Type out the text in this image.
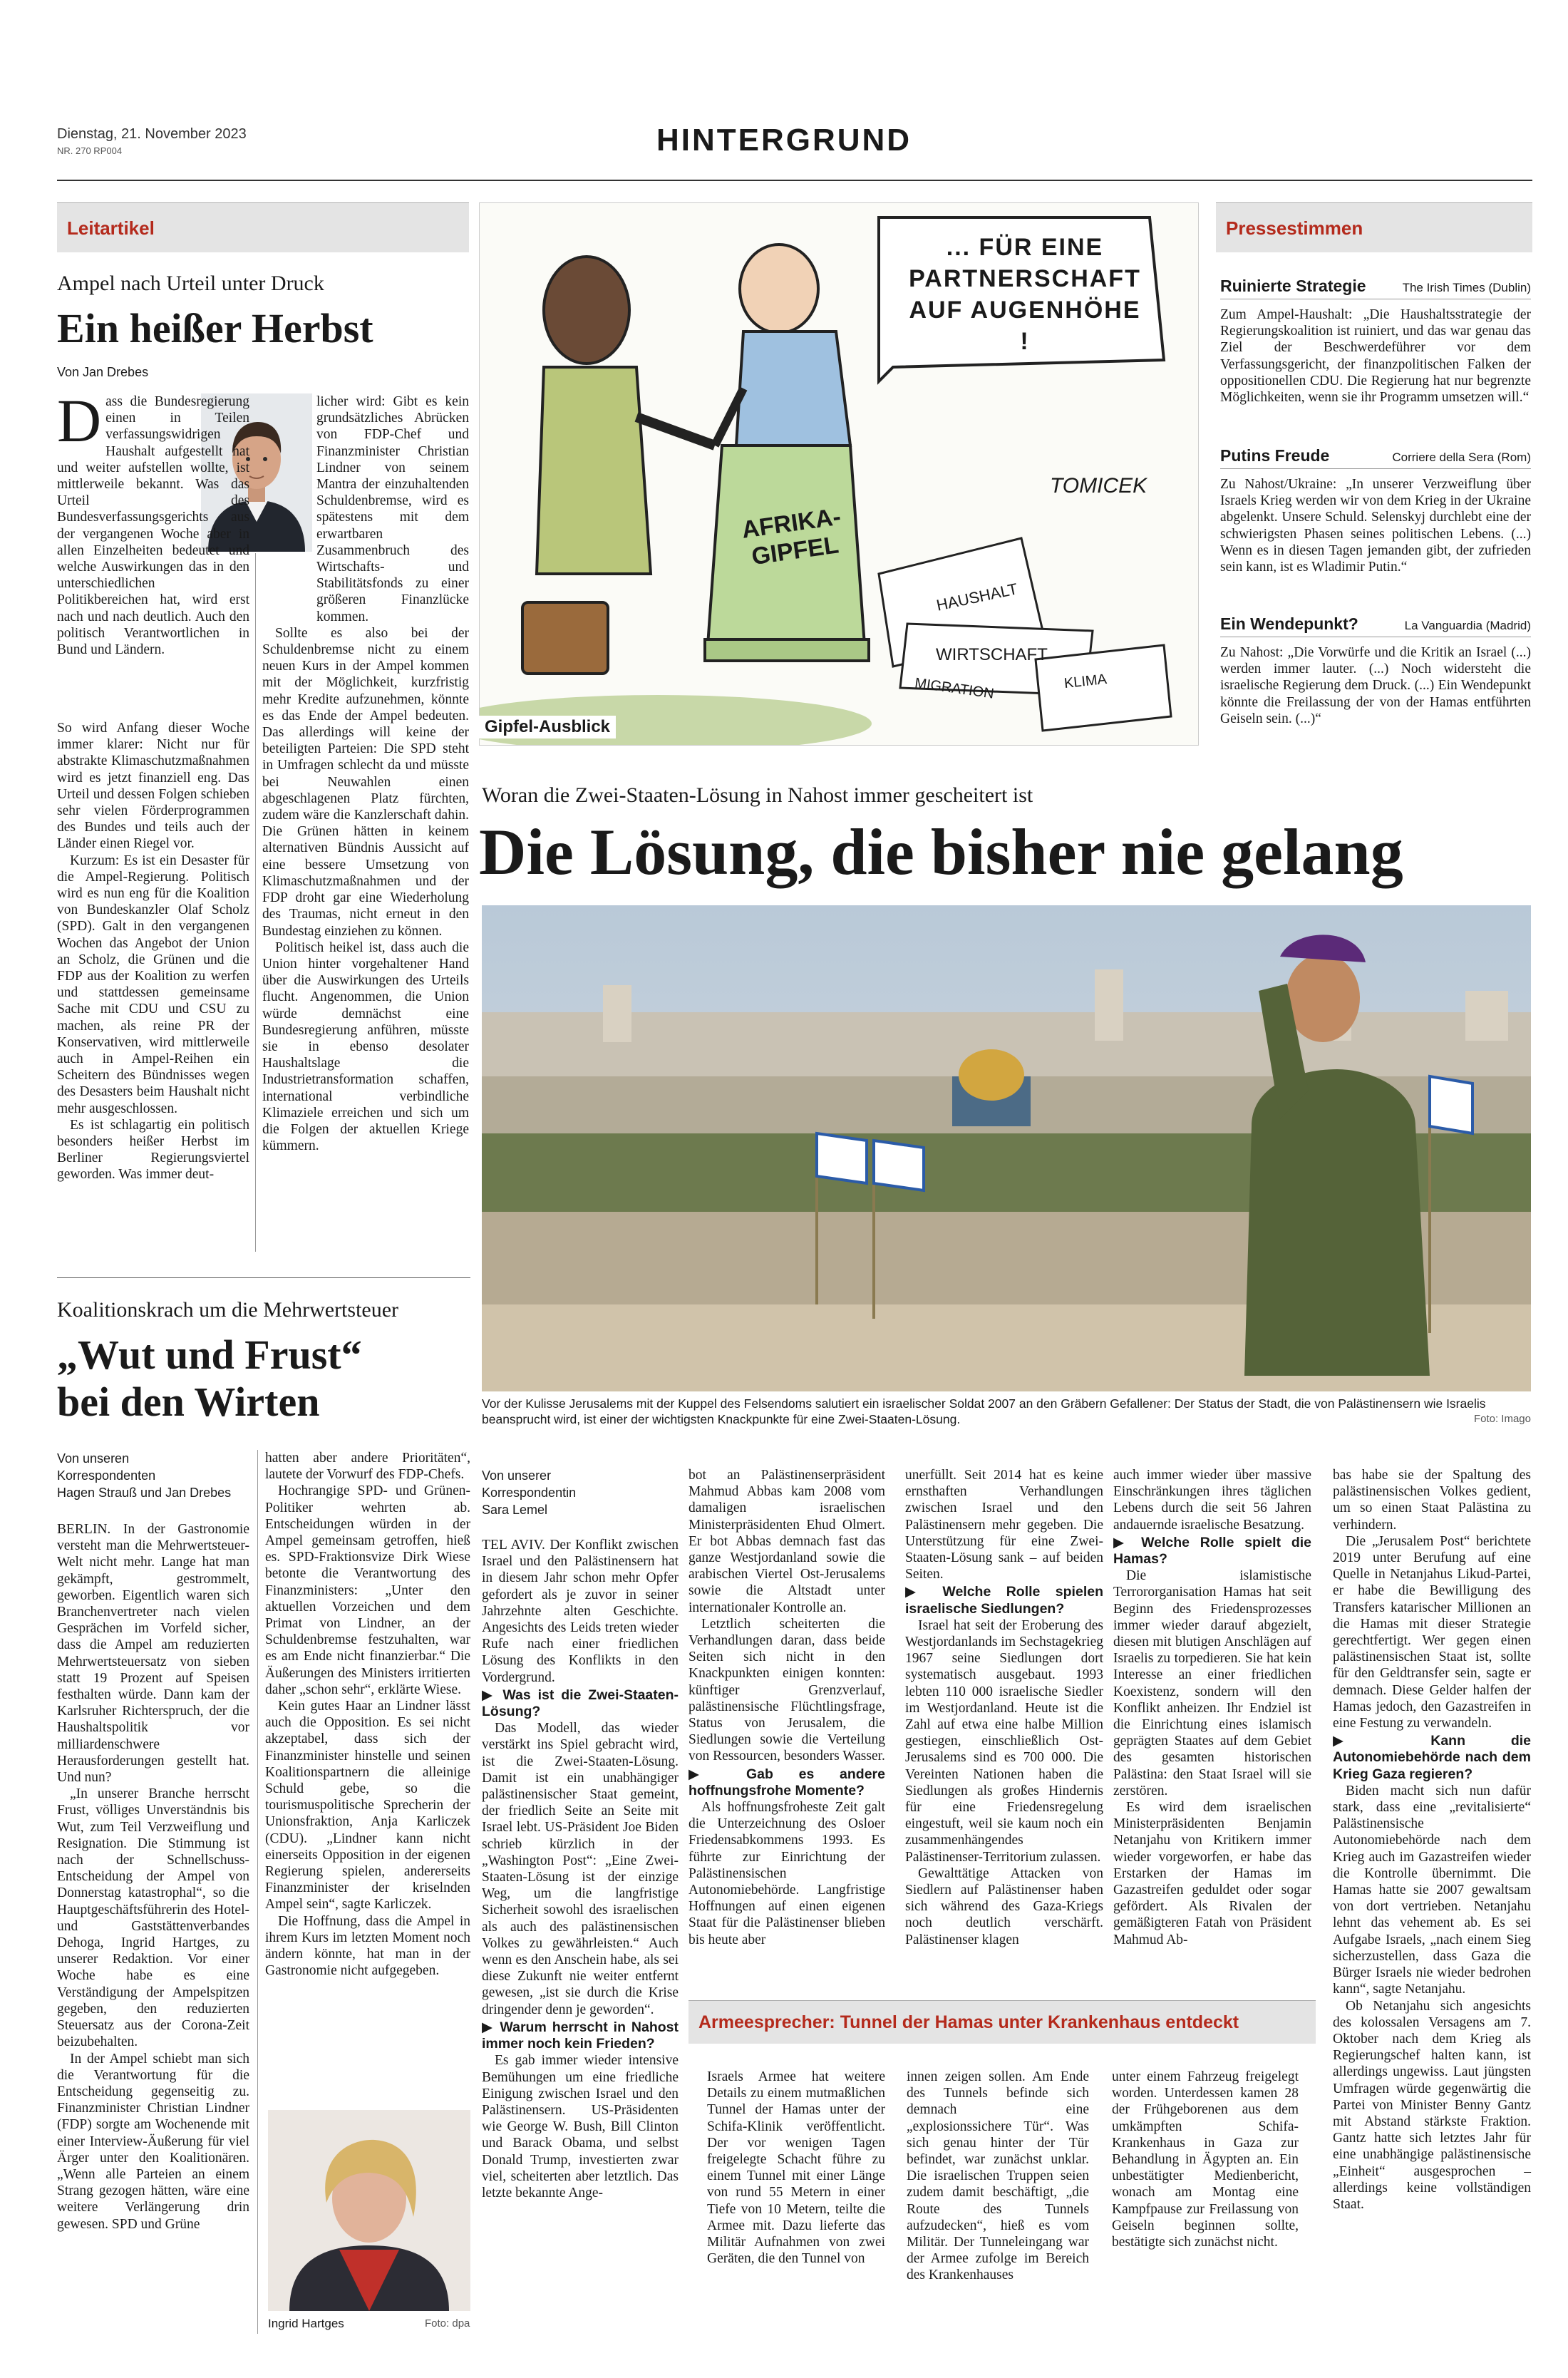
Dienstag, 21. November 2023
NR. 270 RP004	HINTERGRUND
Leitartikel
Ampel nach Urteil unter Druck
Ein heißer Herbst
Von Jan Drebes

Dass die Bundesregierung einen in Teilen verfassungswidrigen Haushalt aufgestellt hat und weiter aufstellen wollte, ist mittlerweile bekannt. Was das Urteil des Bundesverfassungsgerichts aus der vergangenen Woche aber in allen Einzelheiten bedeutet und welche Auswirkungen das in den unterschiedlichen Politikbereichen hat, wird erst nach und nach deutlich. Auch den politisch Verantwortlichen in Bund und Ländern.

So wird Anfang dieser Woche immer klarer: Nicht nur für abstrakte Klimaschutzmaßnahmen wird es jetzt finanziell eng. Das Urteil und dessen Folgen schieben sehr vielen Förderprogrammen des Bundes und teils auch der Länder einen Riegel vor.

Kurzum: Es ist ein Desaster für die Ampel-Regierung. Politisch wird es nun eng für die Koalition von Bundeskanzler Olaf Scholz (SPD). Galt in den vergangenen Wochen das Angebot der Union an Scholz, die Grünen und die FDP aus der Koalition zu werfen und stattdessen gemeinsame Sache mit CDU und CSU zu machen, als reine PR der Konservativen, wird mittlerweile auch in Ampel-Reihen ein Scheitern des Bündnisses wegen des Desasters beim Haushalt nicht mehr ausgeschlossen.

Es ist schlagartig ein politisch besonders heißer Herbst im Berliner Regierungsviertel geworden. Was immer deut-

licher wird: Gibt es kein grundsätzliches Abrücken von FDP-Chef und Finanzminister Christian Lindner von seinem Mantra der einzuhaltenden Schuldenbremse, wird es spätestens mit dem erwartbaren Zusammenbruch des Wirtschafts- und Stabilitätsfonds zu einer größeren Finanzlücke kommen.

Sollte es also bei der Schuldenbremse nicht zu einem neuen Kurs in der Ampel kommen mit der Möglichkeit, kurzfristig mehr Kredite aufzunehmen, könnte es das Ende der Ampel bedeuten. Das allerdings will keine der beteiligten Parteien: Die SPD steht in Umfragen schlecht da und müsste bei Neuwahlen einen abgeschlagenen Platz fürchten, zudem wäre die Kanzlerschaft dahin. Die Grünen hätten in keinem alternativen Bündnis Aussicht auf eine bessere Umsetzung von Klimaschutzmaßnahmen und der FDP droht gar eine Wiederholung des Traumas, nicht erneut in den Bundestag einziehen zu können.

Politisch heikel ist, dass auch die Union hinter vorgehaltener Hand über die Auswirkungen des Urteils flucht. Angenommen, die Union würde demnächst eine Bundesregierung anführen, müsste sie in ebenso desolater Haushaltslage die Industrietransformation schaffen, international verbindliche Klimaziele erreichen und sich um die Folgen der aktuellen Kriege kümmern.

... FÜR EINE PARTNERSCHAFT AUF AUGENHÖHE !
AFRIKA-GIPFEL
HAUSHALT
WIRTSCHAFT
KLIMA
MIGRATION
TOMICEK
Gipfel-Ausblick
Pressestimmen
Ruinierte Strategie	The Irish Times (Dublin)
Zum Ampel-Haushalt: „Die Haushaltsstrategie der Regierungskoalition ist ruiniert, und das war genau das Ziel der Beschwerdeführer vor dem Verfassungsgericht, der finanzpolitischen Falken der oppositionellen CDU. Die Regierung hat nur begrenzte Möglichkeiten, wenn sie ihr Programm umsetzen will.“
Putins Freude	Corriere della Sera (Rom)
Zu Nahost/Ukraine: „In unserer Verzweiflung über Israels Krieg werden wir von dem Krieg in der Ukraine abgelenkt. Unsere Schuld. Selenskyj durchlebt eine der schwierigsten Phasen seines politischen Lebens. (...) Wenn es in diesen Tagen jemanden gibt, der zufrieden sein kann, ist es Wladimir Putin.“
Ein Wendepunkt?	La Vanguardia (Madrid)
Zu Nahost: „Die Vorwürfe und die Kritik an Israel (...) werden immer lauter. (...) Noch widersteht die israelische Regierung dem Druck. (...) Ein Wendepunkt könnte die Freilassung der von der Hamas entführten Geiseln sein. (...)“
Woran die Zwei-Staaten-Lösung in Nahost immer gescheitert ist
Die Lösung, die bisher nie gelang
Vor der Kulisse Jerusalems mit der Kuppel des Felsendoms salutiert ein israelischer Soldat 2007 an den Gräbern Gefallener: Der Status der Stadt, die von Palästinensern wie Israelis beansprucht wird, ist einer der wichtigsten Knackpunkte für eine Zwei-Staaten-Lösung.	Foto: Imago
Von unserer
Korrespondentin
Sara Lemel

TEL AVIV. Der Konflikt zwischen Israel und den Palästinensern hat in diesem Jahr schon mehr Opfer gefordert als je zuvor in seiner Jahrzehnte alten Geschichte. Angesichts des Leids treten wieder Rufe nach einer friedlichen Lösung des Konflikts in den Vordergrund.

▶ Was ist die Zwei-Staaten-Lösung?

Das Modell, das wieder verstärkt ins Spiel gebracht wird, ist die Zwei-Staaten-Lösung. Damit ist ein unabhängiger palästinensischer Staat gemeint, der friedlich Seite an Seite mit Israel lebt. US-Präsident Joe Biden schrieb kürzlich in der „Washington Post“: „Eine Zwei-Staaten-Lösung ist der einzige Weg, um die langfristige Sicherheit sowohl des israelischen als auch des palästinensischen Volkes zu gewährleisten.“ Auch wenn es den Anschein habe, als sei diese Zukunft nie weiter entfernt gewesen, „ist sie durch die Krise dringender denn je geworden“.

▶ Warum herrscht in Nahost immer noch kein Frieden?

Es gab immer wieder intensive Bemühungen um eine friedliche Einigung zwischen Israel und den Palästinensern. US-Präsidenten wie George W. Bush, Bill Clinton und Barack Obama, und selbst Donald Trump, investierten zwar viel, scheiterten aber letztlich. Das letzte bekannte Ange-

bot an Palästinenserpräsident Mahmud Abbas kam 2008 vom damaligen israelischen Ministerpräsidenten Ehud Olmert. Er bot Abbas demnach fast das ganze Westjordanland sowie die arabischen Viertel Ost-Jerusalems sowie die Altstadt unter internationaler Kontrolle an.

Letztlich scheiterten die Verhandlungen daran, dass beide Seiten sich nicht in den Knackpunkten einigen konnten: künftiger Grenzverlauf, palästinensische Flüchtlingsfrage, Status von Jerusalem, die Siedlungen sowie die Verteilung von Ressourcen, besonders Wasser.

▶ Gab es andere hoffnungsfrohe Momente?

Als hoffnungsfroheste Zeit galt die Unterzeichnung des Osloer Friedensabkommens 1993. Es führte zur Einrichtung der Palästinensischen Autonomiebehörde. Langfristige Hoffnungen auf einen eigenen Staat für die Palästinenser blieben bis heute aber

unerfüllt. Seit 2014 hat es keine ernsthaften Verhandlungen zwischen Israel und den Palästinensern mehr gegeben. Die Unterstützung für eine Zwei-Staaten-Lösung sank – auf beiden Seiten.

▶ Welche Rolle spielen israelische Siedlungen?

Israel hat seit der Eroberung des Westjordanlands im Sechstagekrieg 1967 seine Siedlungen dort systematisch ausgebaut. 1993 lebten 110 000 israelische Siedler im Westjordanland. Heute ist die Zahl auf etwa eine halbe Million gestiegen, einschließlich Ost-Jerusalems sind es 700 000. Die Vereinten Nationen haben die Siedlungen als großes Hindernis für eine Friedensregelung eingestuft, weil sie kaum noch ein zusammenhängendes Palästinenser-Territorium zulassen.

Gewalttätige Attacken von Siedlern auf Palästinenser haben sich während des Gaza-Kriegs noch deutlich verschärft. Palästinenser klagen

auch immer wieder über massive Einschränkungen ihres täglichen Lebens durch die seit 56 Jahren andauernde israelische Besatzung.

▶ Welche Rolle spielt die Hamas?

Die islamistische Terrororganisation Hamas hat seit Beginn des Friedensprozesses immer wieder darauf abgezielt, diesen mit blutigen Anschlägen auf Israelis zu torpedieren. Sie hat kein Interesse an einer friedlichen Koexistenz, sondern will den Konflikt anheizen. Ihr Endziel ist die Einrichtung eines islamisch geprägten Staates auf dem Gebiet des gesamten historischen Palästina: den Staat Israel will sie zerstören.

Es wird dem israelischen Ministerpräsidenten Benjamin Netanjahu von Kritikern immer wieder vorgeworfen, er habe das Erstarken der Hamas im Gazastreifen geduldet oder sogar gefördert. Als Rivalen der gemäßigteren Fatah von Präsident Mahmud Ab-

bas habe sie der Spaltung des palästinensischen Volkes gedient, um so einen Staat Palästina zu verhindern.

Die „Jerusalem Post“ berichtete 2019 unter Berufung auf eine Quelle in Netanjahus Likud-Partei, er habe die Bewilligung des Transfers katarischer Millionen an die Hamas mit dieser Strategie gerechtfertigt. Wer gegen einen palästinensischen Staat ist, sollte für den Geldtransfer sein, sagte er demnach. Diese Gelder halfen der Hamas jedoch, den Gazastreifen in eine Festung zu verwandeln.

▶ Kann die Autonomiebehörde nach dem Krieg Gaza regieren?

Biden macht sich nun dafür stark, dass eine „revitalisierte“ Palästinensische Autonomiebehörde nach dem Krieg auch im Gazastreifen wieder die Kontrolle übernimmt. Die Hamas hatte sie 2007 gewaltsam von dort vertrieben. Netanjahu lehnt das vehement ab. Es sei Aufgabe Israels, „nach einem Sieg sicherzustellen, dass Gaza die Bürger Israels nie wieder bedrohen kann“, sagte Netanjahu.

Ob Netanjahu sich angesichts des kolossalen Versagens am 7. Oktober nach dem Krieg als Regierungschef halten kann, ist allerdings ungewiss. Laut jüngsten Umfragen würde gegenwärtig die Partei von Minister Benny Gantz mit Abstand stärkste Fraktion. Gantz hatte sich letztes Jahr für eine unabhängige palästinensische „Einheit“ ausgesprochen – allerdings keine vollständigen Staat.

Armeesprecher: Tunnel der Hamas unter Krankenhaus entdeckt
Israels Armee hat weitere Details zu einem mutmaßlichen Tunnel der Hamas unter der Schifa-Klinik veröffentlicht. Der vor wenigen Tagen freigelegte Schacht führe zu einem Tunnel mit einer Länge von rund 55 Metern in einer Tiefe von 10 Metern, teilte die Armee mit. Dazu lieferte das Militär Aufnahmen von zwei Geräten, die den Tunnel von
innen zeigen sollen. Am Ende des Tunnels befinde sich demnach eine „explosionssichere Tür“. Was sich genau hinter der Tür befindet, war zunächst unklar. Die israelischen Truppen seien zudem damit beschäftigt, „die Route des Tunnels aufzudecken“, hieß es vom Militär. Der Tunneleingang war der Armee zufolge im Bereich des Krankenhauses
unter einem Fahrzeug freigelegt worden. Unterdessen kamen 28 der Frühgeborenen aus dem umkämpften Schifa-Krankenhaus in Gaza zur Behandlung in Ägypten an. Ein unbestätigter Medienbericht, wonach am Montag eine Kampfpause zur Freilassung von Geiseln beginnen sollte, bestätigte sich zunächst nicht.
Koalitionskrach um die Mehrwertsteuer
„Wut und Frust“
bei den Wirten
Von unseren
Korrespondenten
Hagen Strauß und Jan Drebes

BERLIN. In der Gastronomie versteht man die Mehrwertsteuer-Welt nicht mehr. Lange hat man gekämpft, gestrommelt, geworben. Eigentlich waren sich Branchenvertreter nach vielen Gesprächen im Vorfeld sicher, dass die Ampel am reduzierten Mehrwertsteuersatz von sieben statt 19 Prozent auf Speisen festhalten würde. Dann kam der Karlsruher Richterspruch, der die Haushaltspolitik vor milliardenschwere Herausforderungen gestellt hat. Und nun?

„In unserer Branche herrscht Frust, völliges Unverständnis bis Wut, zum Teil Verzweiflung und Resignation. Die Stimmung ist nach der Schnellschuss-Entscheidung der Ampel von Donnerstag katastrophal“, so die Hauptgeschäftsführerin des Hotel- und Gaststättenverbandes Dehoga, Ingrid Hartges, zu unserer Redaktion. Vor einer Woche habe es eine Verständigung der Ampelspitzen gegeben, den reduzierten Steuersatz aus der Corona-Zeit beizubehalten.

In der Ampel schiebt man sich die Verantwortung für die Entscheidung gegenseitig zu. Finanzminister Christian Lindner (FDP) sorgte am Wochenende mit einer Interview-Äußerung für viel Ärger unter den Koalitionären. „Wenn alle Parteien an einem Strang gezogen hätten, wäre eine weitere Verlängerung drin gewesen. SPD und Grüne

hatten aber andere Prioritäten“, lautete der Vorwurf des FDP-Chefs.

Hochrangige SPD- und Grünen-Politiker wehrten ab. Entscheidungen würden in der Ampel gemeinsam getroffen, hieß es. SPD-Fraktionsvize Dirk Wiese betonte die Verantwortung des Finanzministers: „Unter den aktuellen Vorzeichen und dem Primat von Lindner, an der Schuldenbremse festzuhalten, war es am Ende nicht finanzierbar.“ Die Äußerungen des Ministers irritierten daher „schon sehr“, erklärte Wiese.

Kein gutes Haar an Lindner lässt auch die Opposition. Es sei nicht akzeptabel, dass sich der Finanzminister hinstelle und seinen Koalitionspartnern die alleinige Schuld gebe, so die tourismuspolitische Sprecherin der Unionsfraktion, Anja Karliczek (CDU). „Lindner kann nicht einerseits Opposition in der eigenen Regierung spielen, andererseits Finanzminister der kriselnden Ampel sein“, sagte Karliczek.

Die Hoffnung, dass die Ampel in ihrem Kurs im letzten Moment noch ändern könnte, hat man in der Gastronomie nicht aufgegeben.

Ingrid Hartges	Foto: dpa
